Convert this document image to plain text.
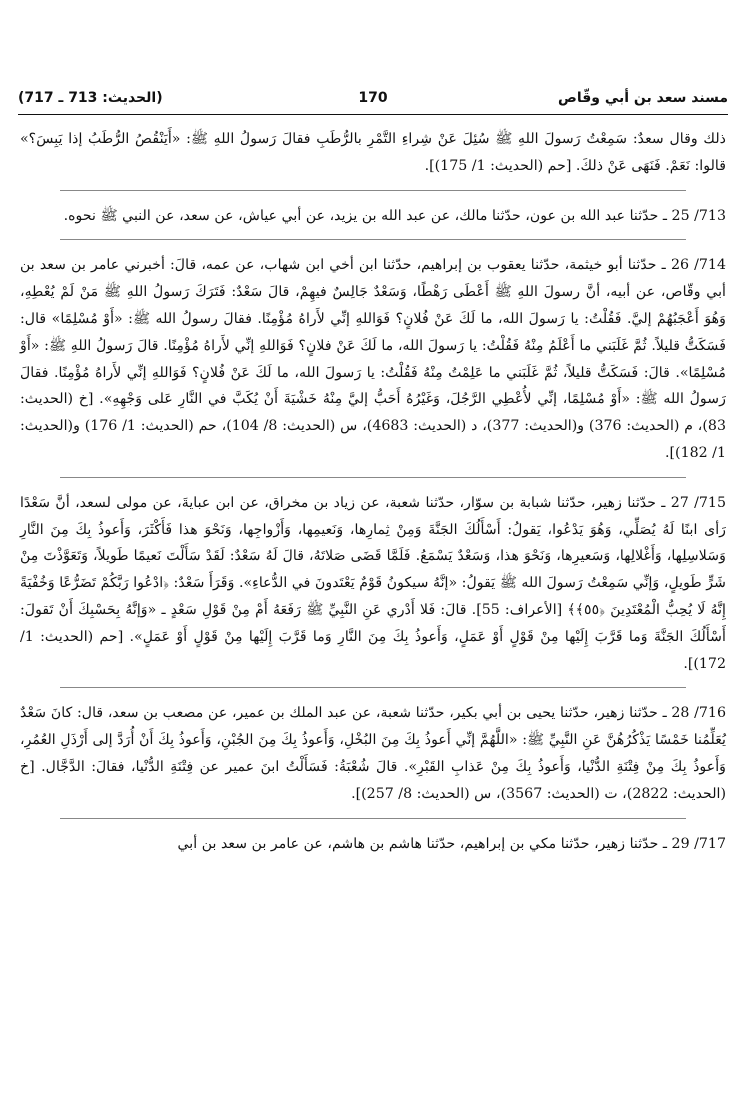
مسند سعد بن أبي وقّاص
170
(الحديث: 713 ـ 717)

ذلك وقال سعدٌ: سَمِعْتُ رَسولَ اللهِ ﷺ سُئِلَ عَنْ شِراءِ التَّمْرِ بالرُّطَبِ فقالَ رَسولُ اللهِ ﷺ: «أَيَنْقُصُ الرُّطَبُ إذا يَبِسَ؟» قالوا: نَعَمْ. فَنَهَى عَنْ ذلكَ. [حم (الحديث: 1/ 175)].

713/ 25 ـ حدّثنا عبد الله بن عون، حدّثنا مالك، عن عبد الله بن يزيد، عن أبي عياش، عن سعد، عن النبي ﷺ نحوه.

714/ 26 ـ حدّثنا أبو خيثمة، حدّثنا يعقوب بن إبراهيم، حدّثنا ابن أخي ابن شهاب، عن عمه، قالَ: أخبرني عامر بن سعد بن أبي وقّاص، عن أبيه، أنَّ رسولَ اللهِ ﷺ أَعْطَى رَهْطًا، وَسَعْدٌ جَالِسٌ فيهِمْ، قالَ سَعْدٌ: فَتَرَكَ رَسولُ اللهِ ﷺ مَنْ لَمْ يُعْطِهِ، وَهُوَ أَعْجَبُهُمْ إليَّ. فَقُلْتُ: يا رَسولَ الله، ما لَكَ عَنْ فُلانٍ؟ فَوَاللهِ إنِّي لأَراهُ مُؤْمِنًا. فقالَ رسولُ الله ﷺ: «أَوْ مُسْلِمًا» قال: فَسَكَتُّ قليلاً. ثُمَّ غَلَبَني ما أَعْلَمُ مِنْهُ فَقُلْتُ: يا رَسولَ الله، ما لَكَ عَنْ فلانٍ؟ فَوَاللهِ إنِّي لأَراهُ مُؤْمِنًا. قالَ رَسولُ اللهِ ﷺ: «أَوْ مُسْلِمًا». قالَ: فَسَكَتُّ قليلاً، ثُمَّ غَلَبَني ما عَلِمْتُ مِنْهُ فَقُلْتُ: يا رَسولَ الله، ما لَكَ عَنْ فُلانٍ؟ فَوَاللهِ إنِّي لأَراهُ مُؤْمِنًا. فقالَ رَسولُ الله ﷺ: «أَوْ مُسْلِمًا، إنِّي لأُعْطِي الرَّجُلَ، وَغَيْرُهُ أَحَبُّ إليَّ مِنْهُ خَشْيَةَ أَنْ يُكَبَّ في النَّارِ عَلى وَجْهِهِ». [خ (الحديث: 83)، م (الحديث: 376) و(الحديث: 377)، د (الحديث: 4683)، س (الحديث: 8/ 104)، حم (الحديث: 1/ 176) و(الحديث: 1/ 182)].

715/ 27 ـ حدّثنا زهير، حدّثنا شبابة بن سوّار، حدّثنا شعبة، عن زياد بن مخراق، عن ابن عبايةَ، عن مولى لسعد، أنَّ سَعْدًا رَأى ابنًا لَهُ يُصَلِّي، وَهُوَ يَدْعُوا، يَقولُ: أَسْأَلُكَ الجَنَّةَ وَمِنْ ثِمارِها، وَنَعيمِها، وَأَزْواجِها، وَنَحْوَ هذا فَأَكْثَرَ، وَأَعوذُ بِكَ مِنَ النَّارِ وَسَلاسِلِها، وَأَغْلالِها، وَسَعيرِها، وَنَحْوَ هذا، وَسَعْدٌ يَسْمَعُ. فَلَمَّا قَضَى صَلاتَهُ، قالَ لَهُ سَعْدٌ: لَقَدْ سَأَلْتَ نَعيمًا طَويلاً، وَتَعَوَّذْتَ مِنْ شَرٍّ طَويلٍ، وَإنِّي سَمِعْتُ رَسولَ الله ﷺ يَقولُ: «إنَّهُ سيكونُ قَوْمٌ يَعْتَدونَ في الدُّعاءِ». وَقَرَأَ سَعْدٌ: ﴿ادْعُوا رَبَّكُمْ تَضَرُّعًا وَخُفْيَةً إِنَّهُ لَا يُحِبُّ الْمُعْتَدِينَ ﴿٥٥﴾﴾ [الأعراف: 55]. قالَ: فَلا أَدْري عَنِ النَّبِيِّ ﷺ رَفَعَهُ أَمْ مِنْ قَوْلِ سَعْدٍ ـ «وَإنَّهُ بِحَسْبِكَ أَنْ تَقولَ: أَسْأَلُكَ الجَنَّةَ وَما قَرَّبَ إِلَيْها مِنْ قَوْلٍ أَوْ عَمَلٍ، وَأَعوذُ بِكَ مِنَ النَّارِ وَما قَرَّبَ إِلَيْها مِنْ قَوْلٍ أَوْ عَمَلٍ». [حم (الحديث: 1/ 172)].

716/ 28 ـ حدّثنا زهير، حدّثنا يحيى بن أبي بكير، حدّثنا شعبة، عن عبد الملك بن عمير، عن مصعب بن سعد، قال: كانَ سَعْدٌ يُعَلِّمُنا خَمْسًا يَذْكُرُهُنَّ عَنِ النَّبِيِّ ﷺ: «اللَّهُمَّ إنِّي أَعوذُ بِكَ مِنَ البُخْلِ، وَأَعوذُ بِكَ مِنَ الجُبْنِ، وَأَعوذُ بِكَ أَنْ أُرَدَّ إلى أَرْذَلِ العُمُرِ، وَأَعوذُ بِكَ مِنْ فِتْنَةِ الدُّنْيا، وَأَعوذُ بِكَ مِنْ عَذابِ القَبْرِ». قالَ شُعْبَةُ: فَسَأَلْتُ ابنَ عمير عن فِتْنَةِ الدُّنْيا، فقالَ: الدَّجَّال. [خ (الحديث: 2822)، ت (الحديث: 3567)، س (الحديث: 8/ 257)].

717/ 29 ـ حدّثنا زهير، حدّثنا مكي بن إبراهيم، حدّثنا هاشم بن هاشم، عن عامر بن سعد بن أبي
